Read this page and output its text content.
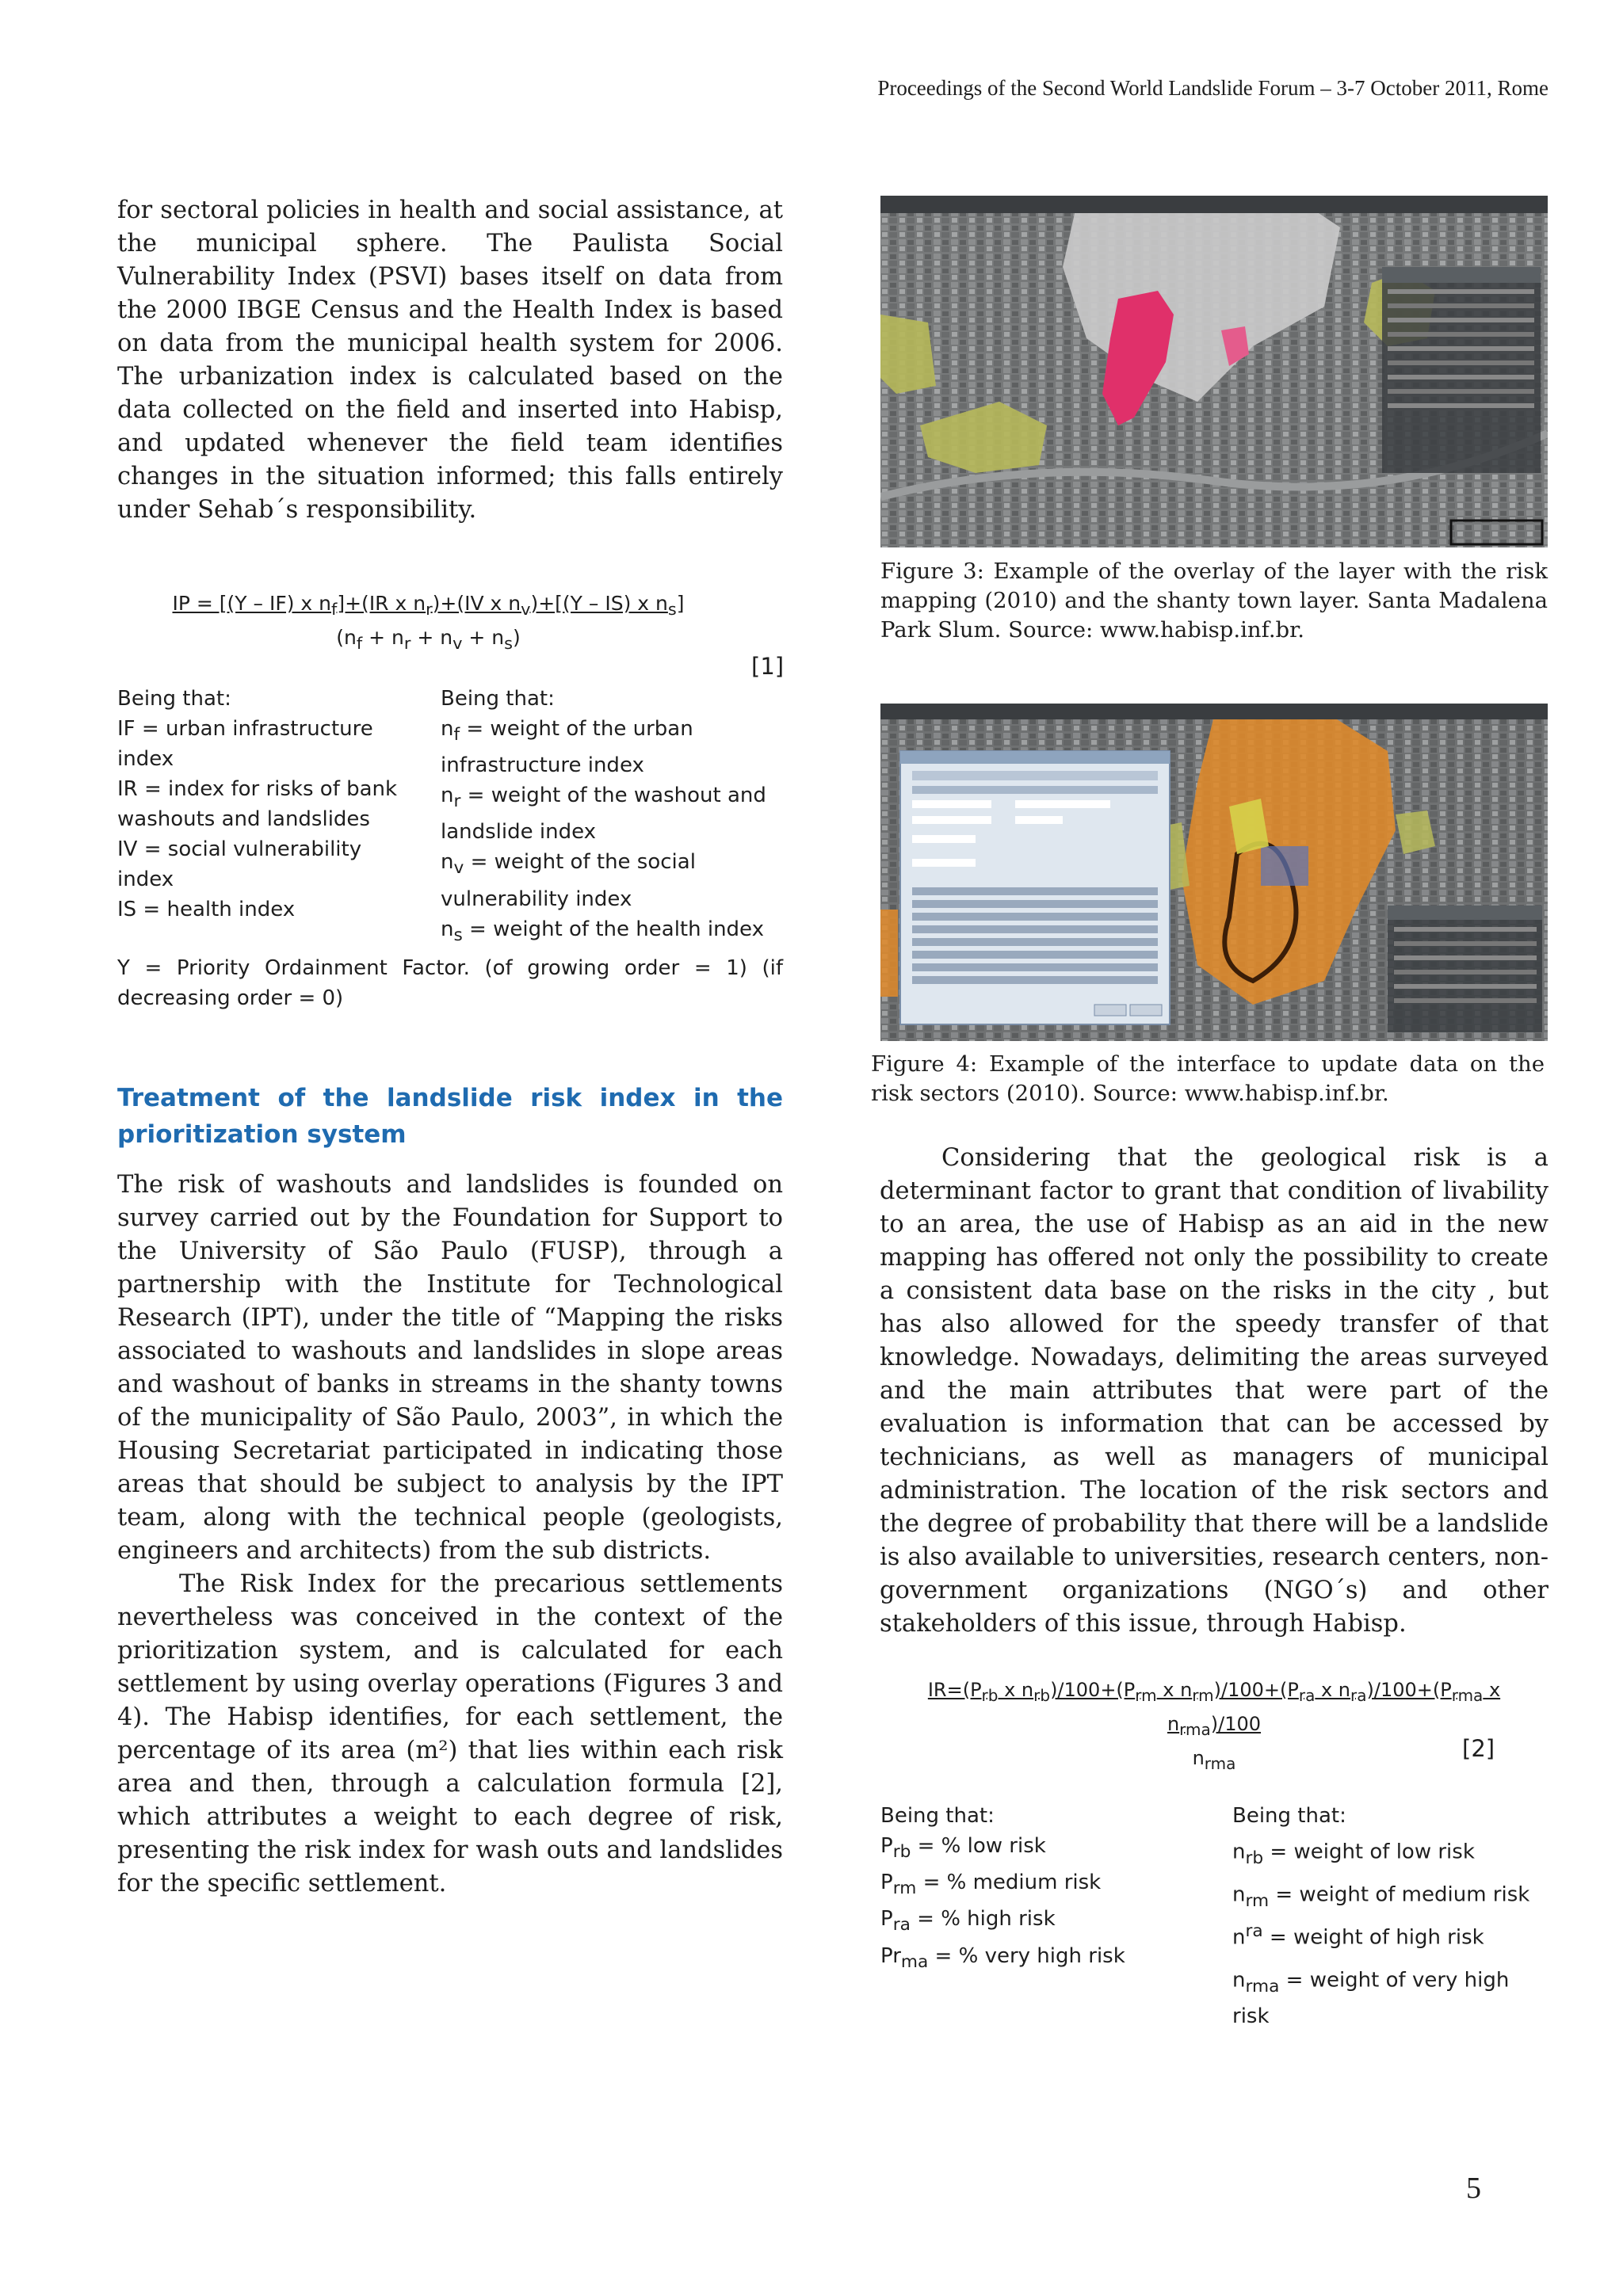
Proceedings of the Second World Landslide Forum – 3-7 October 2011, Rome

for sectoral policies in health and social assistance, at the municipal sphere. The Paulista Social Vulnerability Index (PSVI) bases itself on data from the 2000 IBGE Census and the Health Index is based on data from the municipal health system for 2006. The urbanization index is calculated based on the data collected on the field and inserted into Habisp, and updated whenever the field team identifies changes in the situation informed; this falls entirely under Sehab´s responsibility.

IP = [(Y – IF) x $n_f]+(IR$ x $n_r)+(IV$ x $n_v)+[(Y - IS)$ x $n_s$]
$(n_f + n_r + n_v + n_s)$
[1]
Being that:
IF = urban infrastructure index
IR = index for risks of bank washouts and landslides
IV = social vulnerability index
IS = health index
Being that:
$n_f$ = weight of the urban infrastructure index
$n_r$ = weight of the washout and landslide index
$n_v$ = weight of the social vulnerability index
$n_s$ = weight of the health index
Y = Priority Ordainment Factor. (of growing order = 1) (if decreasing order = 0)
Treatment of the landslide risk index in the prioritization system

The risk of washouts and landslides is founded on survey carried out by the Foundation for Support to the University of São Paulo (FUSP), through a partnership with the Institute for Technological Research (IPT), under the title of “Mapping the risks associated to washouts and landslides in slope areas and washout of banks in streams in the shanty towns of the municipality of São Paulo, 2003”, in which the Housing Secretariat participated in indicating those areas that should be subject to analysis by the IPT team, along with the technical people (geologists, engineers and architects) from the sub districts.

The Risk Index for the precarious settlements nevertheless was conceived in the context of the prioritization system, and is calculated for each settlement by using overlay operations (Figures 3 and 4). The Habisp identifies, for each settlement, the percentage of its area (m²) that lies within each risk area and then, through a calculation formula [2], which attributes a weight to each degree of risk, presenting the risk index for wash outs and landslides for the specific settlement.

Figure 3: Example of the overlay of the layer with the risk mapping (2010) and the shanty town layer. Santa Madalena Park Slum. Source: www.habisp.inf.br.

Figure 4: Example of the interface to update data on the risk sectors (2010). Source: www.habisp.inf.br.

Considering that the geological risk is a determinant factor to grant that condition of livability to an area, the use of Habisp as an aid in the new mapping has offered not only the possibility to create a consistent data base on the risks in the city , but has also allowed for the speedy transfer of that knowledge. Nowadays, delimiting the areas surveyed and the main attributes that were part of the evaluation is information that can be accessed by technicians, as well as managers of municipal administration. The location of the risk sectors and the degree of probability that there will be a landslide is also available to universities, research centers, non-government organizations (NGO´s) and other stakeholders of this issue, through Habisp.

$IR=(P_{rb}$ x $n_{rb})/100+(P_{rm}$ x $n_{rm})/100+(P_{ra}$ x $n_{ra})/100+(P_{rma}$ x $n_{rma})/100$
$n_{rma}$
[2]
Being that:
$P_{rb}$ = % low risk
$P_{rm}$ = % medium risk
$P_{ra}$ = % high risk
$Pr_{ma}$ = % very high risk
Being that:
$n_{rb}$ = weight of low risk
$n_{rm}$ = weight of medium risk
$n^{ra}$ = weight of high risk
$n_{rma}$ = weight of very high risk
5
